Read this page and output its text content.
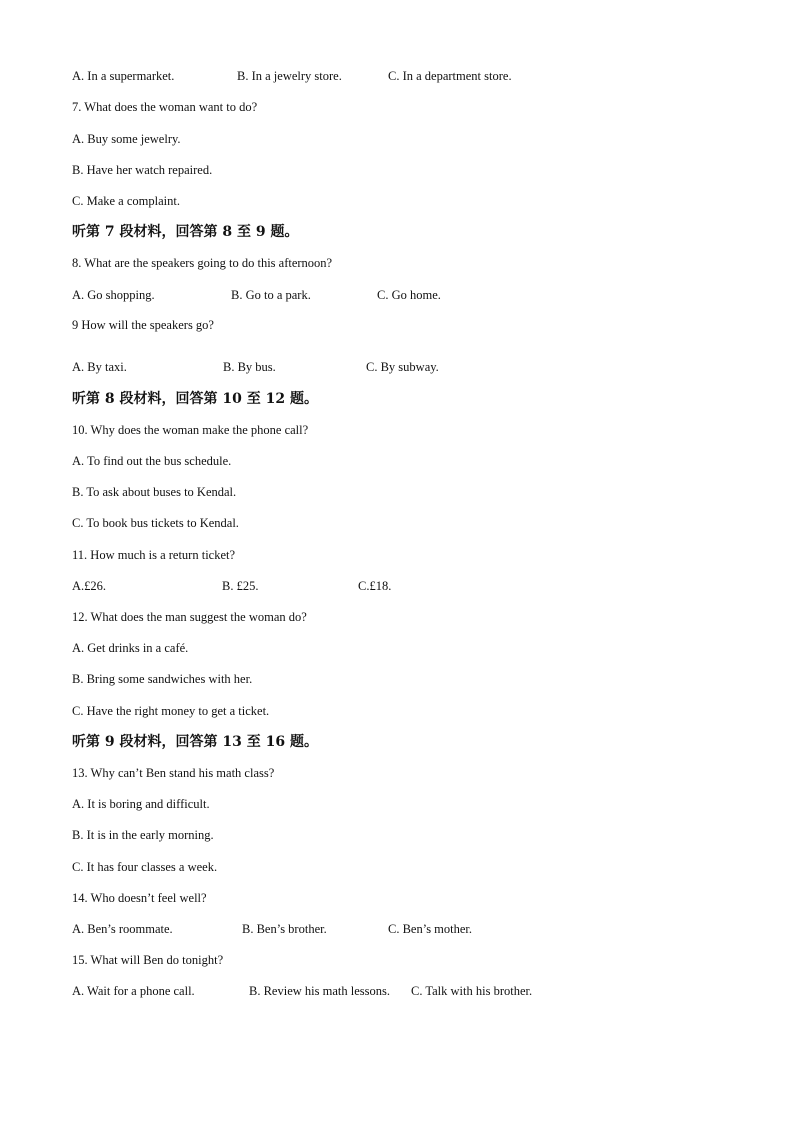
A. In a supermarket.	B. In a jewelry store.	C. In a department store.
7. What does the woman want to do?
A. Buy some jewelry.
B. Have her watch repaired.
C. Make a complaint.
听第 7 段材料，回答第 8 至 9 题。
8. What are the speakers going to do this afternoon?
A. Go shopping.	B. Go to a park.	C. Go home.
9 How will the speakers go?
A. By taxi.	B. By bus.	C. By subway.
听第 8 段材料，回答第 10 至 12 题。
10. Why does the woman make the phone call?
A. To find out the bus schedule.
B. To ask about buses to Kendal.
C. To book bus tickets to Kendal.
11. How much is a return ticket?
A.£26.	B. £25.	C.£18.
12. What does the man suggest the woman do?
A. Get drinks in a café.
B. Bring some sandwiches with her.
C. Have the right money to get a ticket.
听第 9 段材料，回答第 13 至 16 题。
13. Why can’t Ben stand his math class?
A. It is boring and difficult.
B. It is in the early morning.
C. It has four classes a week.
14. Who doesn’t feel well?
A. Ben’s roommate.	B. Ben’s brother.	C. Ben’s mother.
15. What will Ben do tonight?
A. Wait for a phone call.	B. Review his math lessons. C. Talk with his brother.
